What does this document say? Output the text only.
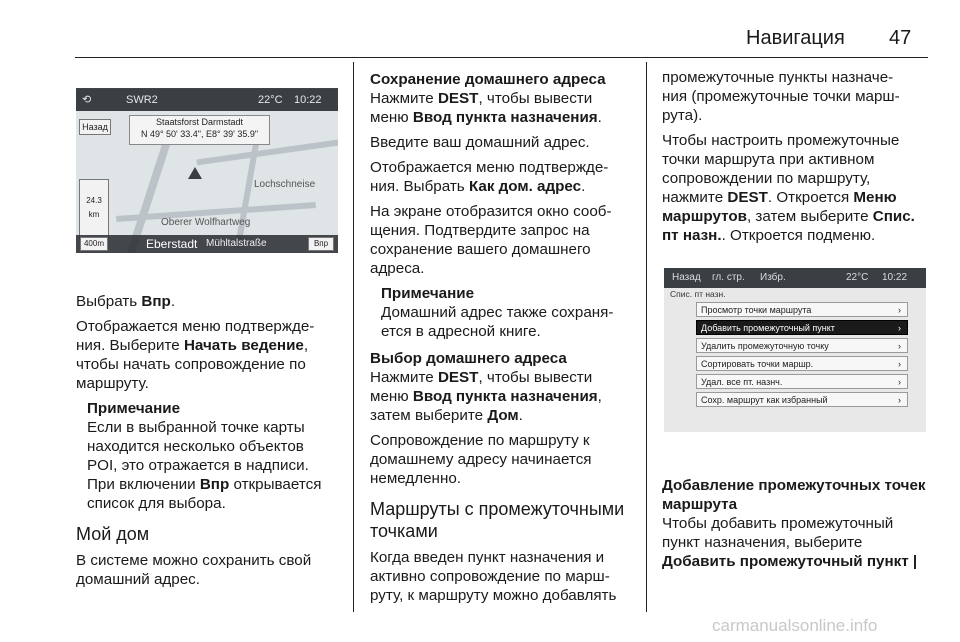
Навигация 47
⟲	SWR2	22°C 10:22
Назад	Staatsforst Darmstadt
N 49° 50' 33.4", E8° 39' 35.9"
24.3 km
Lochschneise
Oberer Wolfhartweg
400m	Eberstadt Mühltalstraße	Впр

Выбрать Впр.

Отображается меню подтвержде-
ния. Выберите Начать ведение,
чтобы начать сопровождение по
маршруту.

Примечание
Если в выбранной точке карты
находится несколько объектов
POI, это отражается в надписи.
При включении Впр открывается
список для выбора.
Мой дом

В системе можно сохранить свой
домашний адрес.

Сохранение домашнего адреса

Нажмите DEST, чтобы вывести
меню Ввод пункта назначения.

Введите ваш домашний адрес.

Отображается меню подтвержде-
ния. Выбрать Как дом. адрес.

На экране отобразится окно сооб-
щения. Подтвердите запрос на
сохранение вашего домашнего
адреса.

Примечание
Домашний адрес также сохраня-
ется в адресной книге.
Выбор домашнего адреса

Нажмите DEST, чтобы вывести
меню Ввод пункта назначения,
затем выберите Дом.

Сопровождение по маршруту к
домашнему адресу начинается
немедленно.

Маршруты с промежуточными
точками

Когда введен пункт назначения и
активно сопровождение по марш-
руту, к маршруту можно добавлять

промежуточные пункты назначе-
ния (промежуточные точки марш-
рута).

Чтобы настроить промежуточные
точки маршрута при активном
сопровождении по маршруту,
нажмите DEST. Откроется Меню
маршрутов, затем выберите Спис.
пт назн.. Откроется подменю.

Назад гл. стр. Избр.	22°C 10:22
Спис. пт назн.
Просмотр точки маршрута	›
Добавить промежуточный пункт	›
Удалить промежуточную точку	›
Сортировать точки маршр.	›
Удал. все пт. назнч.	›
Сохр. маршрут как избранный	›
Добавление промежуточных точек маршрута

Чтобы добавить промежуточный
пункт назначения, выберите
Добавить промежуточный пункт |

carmanualsonline.info
